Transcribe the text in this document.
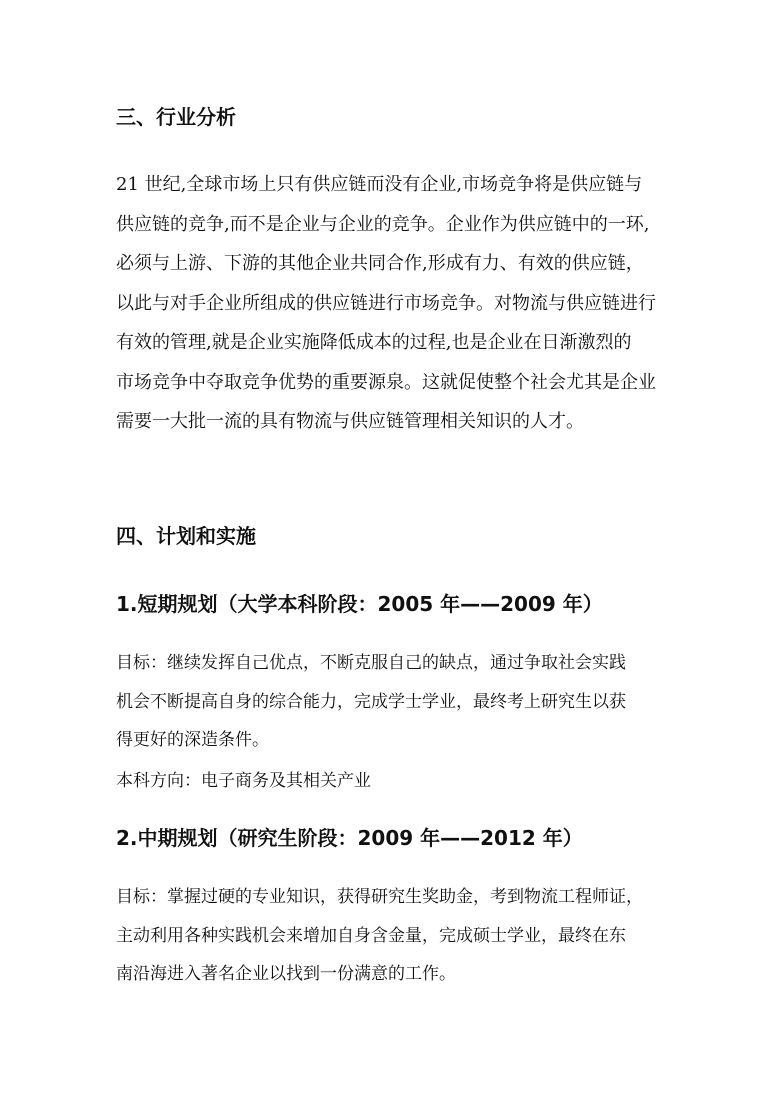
三、行业分析

21 世纪,全球市场上只有供应链而没有企业,市场竞争将是供应链与

供应链的竞争,而不是企业与企业的竞争。企业作为供应链中的一环,

必须与上游、下游的其他企业共同合作,形成有力、有效的供应链，

以此与对手企业所组成的供应链进行市场竞争。对物流与供应链进行

有效的管理,就是企业实施降低成本的过程,也是企业在日渐激烈的

市场竞争中夺取竞争优势的重要源泉。这就促使整个社会尤其是企业

需要一大批一流的具有物流与供应链管理相关知识的人才。

四、计划和实施
1.短期规划（大学本科阶段：2005 年——2009 年）

目标：继续发挥自己优点，不断克服自己的缺点，通过争取社会实践

机会不断提高自身的综合能力，完成学士学业，最终考上研究生以获

得更好的深造条件。

本科方向：电子商务及其相关产业

2.中期规划（研究生阶段：2009 年——2012 年）

目标：掌握过硬的专业知识，获得研究生奖助金，考到物流工程师证，

主动利用各种实践机会来增加自身含金量，完成硕士学业，最终在东

南沿海进入著名企业以找到一份满意的工作。
